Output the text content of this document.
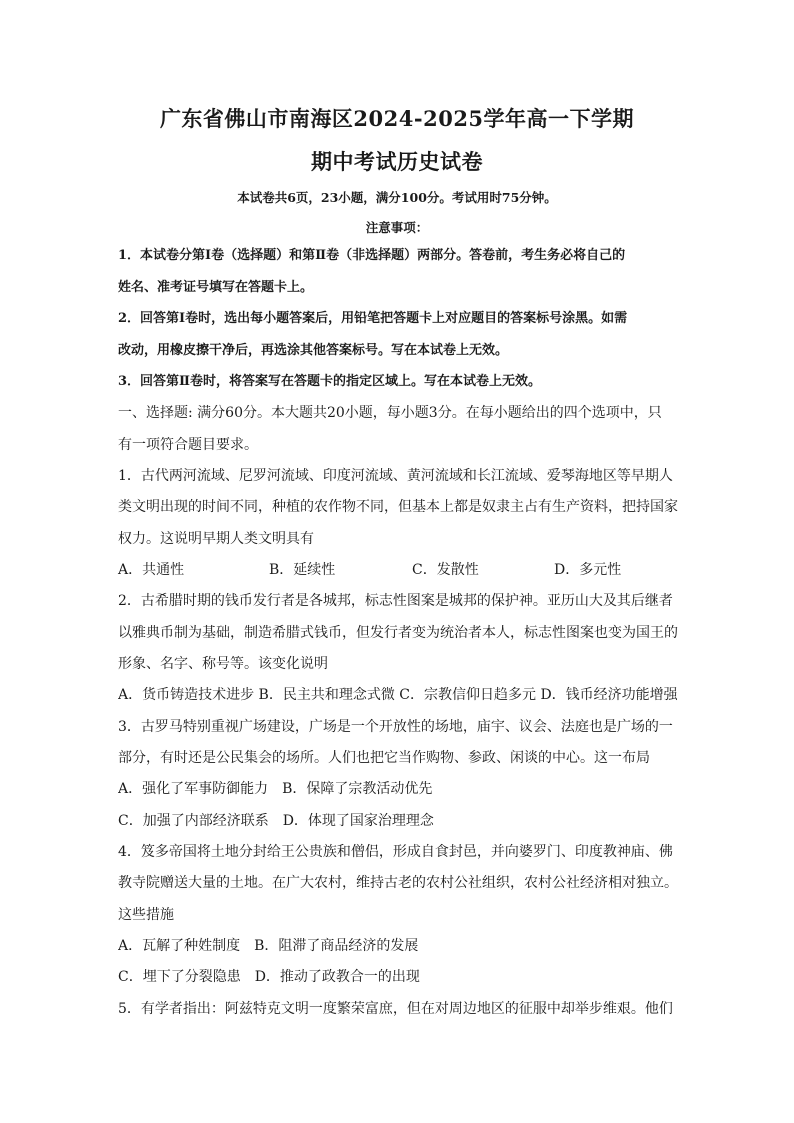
广东省佛山市南海区2024-2025学年高一下学期
期中考试历史试卷
本试卷共6页，23小题，满分100分。考试用时75分钟。
注意事项：
1．本试卷分第Ⅰ卷（选择题）和第Ⅱ卷（非选择题）两部分。答卷前，考生务必将自己的
姓名、准考证号填写在答题卡上。
2．回答第Ⅰ卷时，选出每小题答案后，用铅笔把答题卡上对应题目的答案标号涂黑。如需
改动，用橡皮擦干净后，再选涂其他答案标号。写在本试卷上无效。
3．回答第Ⅱ卷时，将答案写在答题卡的指定区域上。写在本试卷上无效。
一、选择题: 满分60分。本大题共20小题，每小题3分。在每小题给出的四个选项中，只
有一项符合题目要求。
1．古代两河流域、尼罗河流域、印度河流域、黄河流域和长江流域、爱琴海地区等早期人
类文明出现的时间不同，种植的农作物不同，但基本上都是奴隶主占有生产资料，把持国家
权力。这说明早期人类文明具有
A．共通性	B．延续性	C．发散性	D．多元性
2．古希腊时期的钱币发行者是各城邦，标志性图案是城邦的保护神。亚历山大及其后继者
以雅典币制为基础，制造希腊式钱币，但发行者变为统治者本人，标志性图案也变为国王的
形象、名字、称号等。该变化说明
A．货币铸造技术进步 B．民主共和理念式微 C．宗教信仰日趋多元 D．钱币经济功能增强
3．古罗马特别重视广场建设，广场是一个开放性的场地，庙宇、议会、法庭也是广场的一
部分，有时还是公民集会的场所。人们也把它当作购物、参政、闲谈的中心。这一布局
A．强化了军事防御能力　B．保障了宗教活动优先
C．加强了内部经济联系　D．体现了国家治理理念
4．笈多帝国将土地分封给王公贵族和僧侣，形成自食封邑，并向婆罗门、印度教神庙、佛
教寺院赠送大量的土地。在广大农村，维持古老的农村公社组织，农村公社经济相对独立。
这些措施
A．瓦解了种姓制度　B．阻滞了商品经济的发展
C．埋下了分裂隐患　D．推动了政教合一的出现
5．有学者指出：阿兹特克文明一度繁荣富庶，但在对周边地区的征服中却举步维艰。他们
